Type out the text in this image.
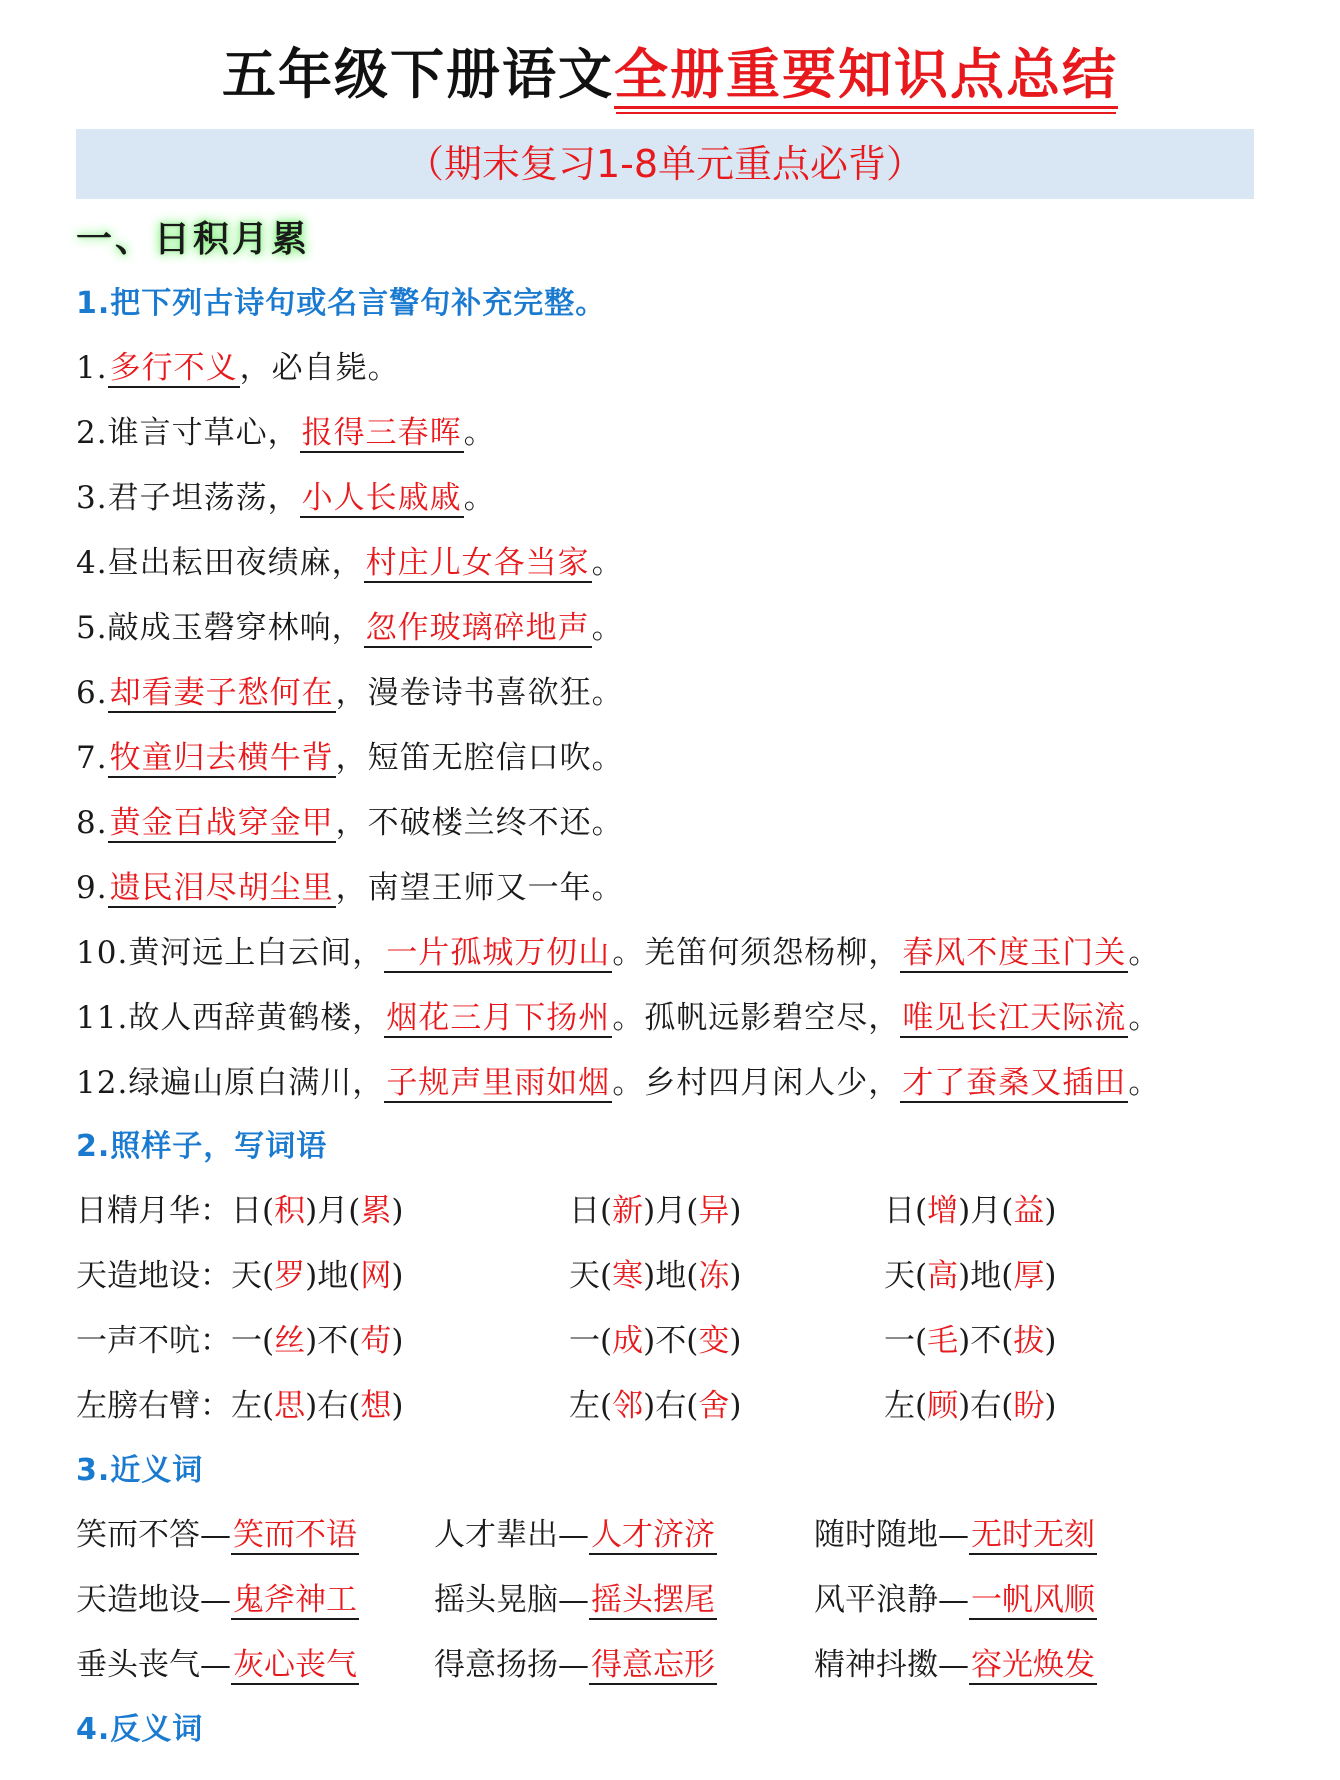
五年级下册语文全册重要知识点总结
（期末复习1-8单元重点必背）
一、日积月累
1.把下列古诗句或名言警句补充完整。
1.多行不义，必自毙。
2.谁言寸草心，报得三春晖。
3.君子坦荡荡，小人长戚戚。
4.昼出耘田夜绩麻，村庄儿女各当家。
5.敲成玉磬穿林响，忽作玻璃碎地声。
6.却看妻子愁何在，漫卷诗书喜欲狂。
7.牧童归去横牛背，短笛无腔信口吹。
8.黄金百战穿金甲，不破楼兰终不还。
9.遗民泪尽胡尘里，南望王师又一年。
10.黄河远上白云间，一片孤城万仞山。羌笛何须怨杨柳，春风不度玉门关。
11.故人西辞黄鹤楼，烟花三月下扬州。孤帆远影碧空尽，唯见长江天际流。
12.绿遍山原白满川，子规声里雨如烟。乡村四月闲人少，才了蚕桑又插田。
2.照样子，写词语
日精月华：日(积)月(累)	日(新)月(异)	日(增)月(益)
天造地设：天(罗)地(网)	天(寒)地(冻)	天(高)地(厚)
一声不吭：一(丝)不(苟)	一(成)不(变)	一(毛)不(拔)
左膀右臂：左(思)右(想)	左(邻)右(舍)	左(顾)右(盼)
3.近义词
笑而不答—笑而不语 人才辈出—人才济济	随时随地—无时无刻
天造地设—鬼斧神工 摇头晃脑—摇头摆尾	风平浪静—一帆风顺
垂头丧气—灰心丧气 得意扬扬—得意忘形	精神抖擞—容光焕发
4.反义词
